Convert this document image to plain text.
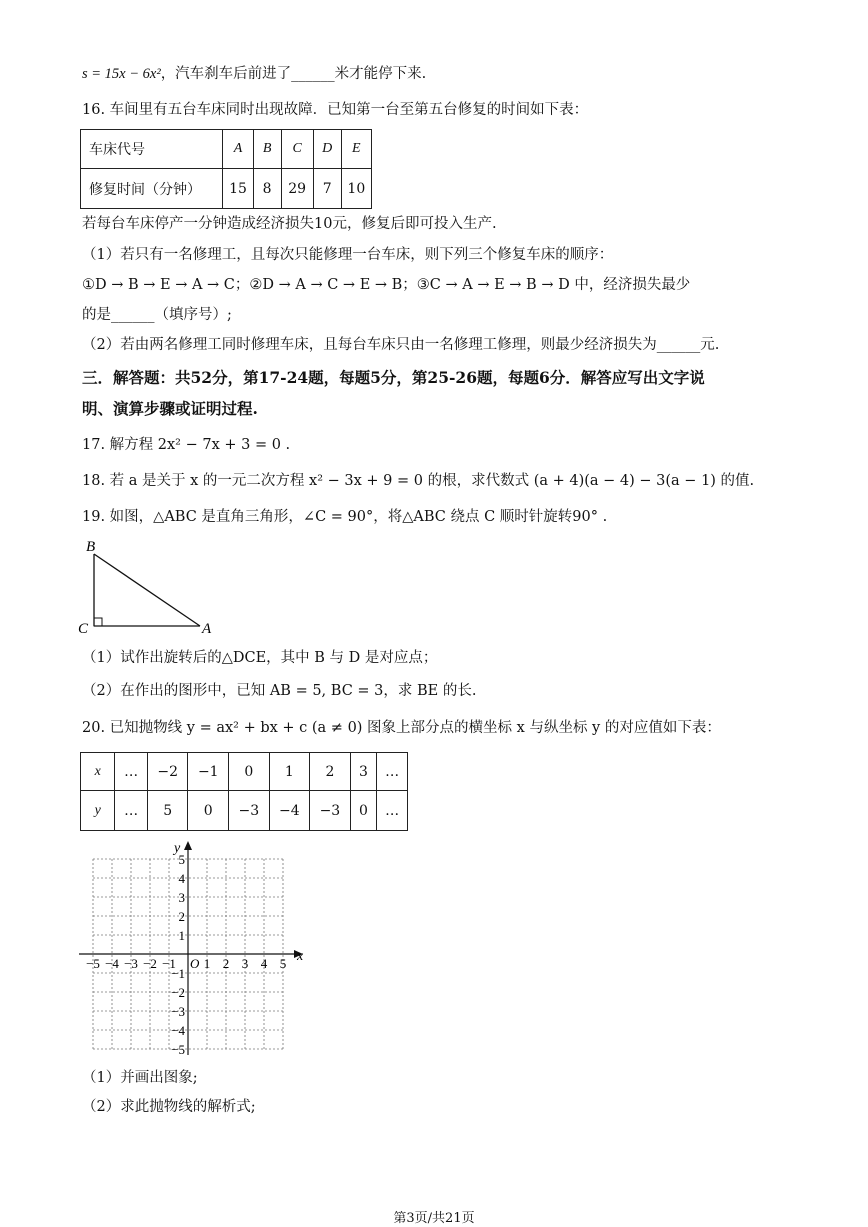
s = 15x − 6x²，汽车刹车后前进了______米才能停下来.
16. 车间里有五台车床同时出现故障．已知第一台至第五台修复的时间如下表：
车床代号	A	B	C	D	E
修复时间（分钟）	15	8	29	7	10
若每台车床停产一分钟造成经济损失10元，修复后即可投入生产.
（1）若只有一名修理工，且每次只能修理一台车床，则下列三个修复车床的顺序：
①D → B → E → A → C；②D → A → C → E → B；③C → A → E → B → D 中，经济损失最少
的是______（填序号）;
（2）若由两名修理工同时修理车床，且每台车床只由一名修理工修理，则最少经济损失为______元.
三．解答题：共52分，第17-24题，每题5分，第25-26题，每题6分．解答应写出文字说
明、演算步骤或证明过程.
17. 解方程 2x² − 7x + 3 = 0 .
18. 若 a 是关于 x 的一元二次方程 x² − 3x + 9 = 0 的根，求代数式 (a + 4)(a − 4) − 3(a − 1) 的值.
19. 如图，△ABC 是直角三角形，∠C = 90°，将△ABC 绕点 C 顺时针旋转90° .
B
C	A
（1）试作出旋转后的△DCE，其中 B 与 D 是对应点；
（2）在作出的图形中，已知 AB = 5, BC = 3，求 BE 的长.
20. 已知抛物线 y = ax² + bx + c (a ≠ 0) 图象上部分点的横坐标 x 与纵坐标 y 的对应值如下表：
x	…	−2	−1	0	1	2	3	…
y	…	5	0	−3	−4	−3	0	…
x
y
O
−5 −4 −3 −2 −1 1 2 3 4 5
5
4
3
2
1
−1
−2
−3
−4
−5
（1）并画出图象;
（2）求此抛物线的解析式;
第3页/共21页
